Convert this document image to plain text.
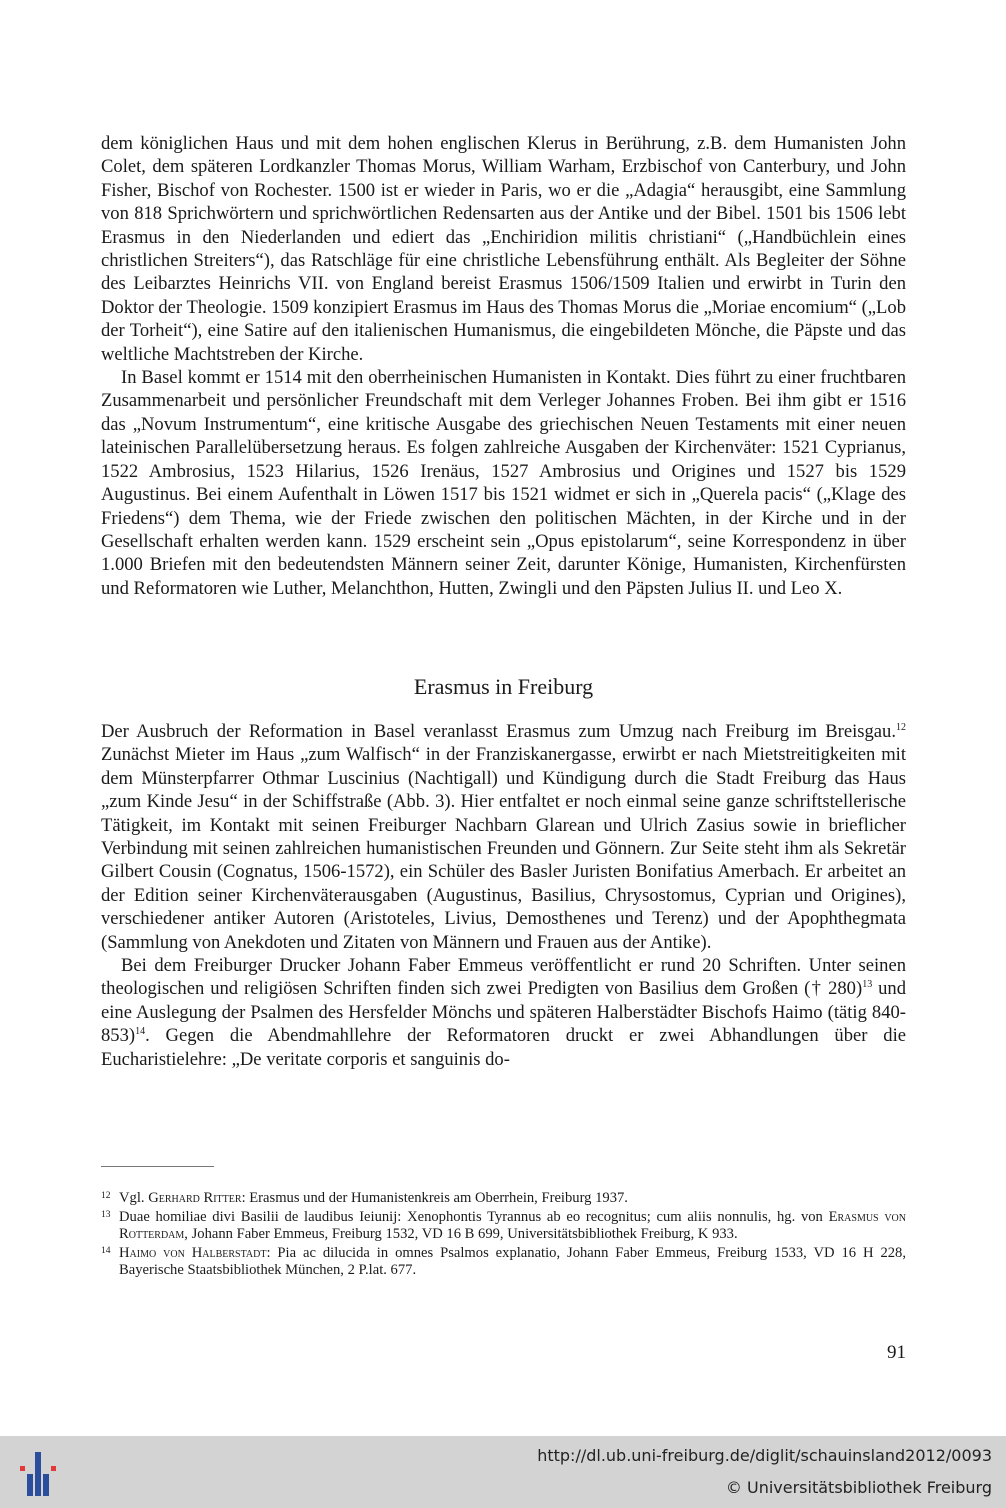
dem königlichen Haus und mit dem hohen englischen Klerus in Berührung, z.B. dem Humanisten John Colet, dem späteren Lordkanzler Thomas Morus, William Warham, Erzbischof von Canterbury, und John Fisher, Bischof von Rochester. 1500 ist er wieder in Paris, wo er die „Adagia“ herausgibt, eine Sammlung von 818 Sprichwörtern und sprichwörtlichen Redensarten aus der Antike und der Bibel. 1501 bis 1506 lebt Erasmus in den Niederlanden und ediert das „Enchiridion militis christiani“ („Handbüchlein eines christlichen Streiters“), das Ratschläge für eine christliche Lebensführung enthält. Als Begleiter der Söhne des Leibarztes Heinrichs VII. von England bereist Erasmus 1506/1509 Italien und erwirbt in Turin den Doktor der Theologie. 1509 konzipiert Erasmus im Haus des Thomas Morus die „Moriae encomium“ („Lob der Torheit“), eine Satire auf den italienischen Humanismus, die eingebildeten Mönche, die Päpste und das weltliche Machtstreben der Kirche.

In Basel kommt er 1514 mit den oberrheinischen Humanisten in Kontakt. Dies führt zu einer fruchtbaren Zusammenarbeit und persönlicher Freundschaft mit dem Verleger Johannes Froben. Bei ihm gibt er 1516 das „Novum Instrumentum“, eine kritische Ausgabe des griechischen Neuen Testaments mit einer neuen lateinischen Parallelübersetzung heraus. Es folgen zahlreiche Ausgaben der Kirchenväter: 1521 Cyprianus, 1522 Ambrosius, 1523 Hilarius, 1526 Irenäus, 1527 Ambrosius und Origines und 1527 bis 1529 Augustinus. Bei einem Aufenthalt in Löwen 1517 bis 1521 widmet er sich in „Querela pacis“ („Klage des Friedens“) dem Thema, wie der Friede zwischen den politischen Mächten, in der Kirche und in der Gesellschaft erhalten werden kann. 1529 erscheint sein „Opus epistolarum“, seine Korrespondenz in über 1.000 Briefen mit den bedeutendsten Männern seiner Zeit, darunter Könige, Humanisten, Kirchenfürsten und Reformatoren wie Luther, Melanchthon, Hutten, Zwingli und den Päpsten Julius II. und Leo X.

Erasmus in Freiburg

Der Ausbruch der Reformation in Basel veranlasst Erasmus zum Umzug nach Freiburg im Breisgau.$^{12}$ Zunächst Mieter im Haus „zum Walfisch“ in der Franziskanergasse, erwirbt er nach Mietstreitigkeiten mit dem Münsterpfarrer Othmar Luscinius (Nachtigall) und Kündigung durch die Stadt Freiburg das Haus „zum Kinde Jesu“ in der Schiffstraße (Abb. 3). Hier entfaltet er noch einmal seine ganze schriftstellerische Tätigkeit, im Kontakt mit seinen Freiburger Nachbarn Glarean und Ulrich Zasius sowie in brieflicher Verbindung mit seinen zahlreichen humanistischen Freunden und Gönnern. Zur Seite steht ihm als Sekretär Gilbert Cousin (Cognatus, 1506-1572), ein Schüler des Basler Juristen Bonifatius Amerbach. Er arbeitet an der Edition seiner Kirchenväterausgaben (Augustinus, Basilius, Chrysostomus, Cyprian und Origines), verschiedener antiker Autoren (Aristoteles, Livius, Demosthenes und Terenz) und der Apophthegmata (Sammlung von Anekdoten und Zitaten von Männern und Frauen aus der Antike).

Bei dem Freiburger Drucker Johann Faber Emmeus veröffentlicht er rund 20 Schriften. Unter seinen theologischen und religiösen Schriften finden sich zwei Predigten von Basilius dem Großen († 280)$^{13}$ und eine Auslegung der Psalmen des Hersfelder Mönchs und späteren Halberstädter Bischofs Haimo (tätig 840-853)$^{14}$. Gegen die Abendmahllehre der Reformatoren druckt er zwei Abhandlungen über die Eucharistielehre: „De veritate corporis et sanguinis do-

12 Vgl. Gerhard Ritter: Erasmus und der Humanistenkreis am Oberrhein, Freiburg 1937.

13 Duae homiliae divi Basilii de laudibus Ieiunij: Xenophontis Tyrannus ab eo recognitus; cum aliis nonnulis, hg. von Erasmus von Rotterdam, Johann Faber Emmeus, Freiburg 1532, VD 16 B 699, Universitätsbibliothek Freiburg, K 933.

14 Haimo von Halberstadt: Pia ac dilucida in omnes Psalmos explanatio, Johann Faber Emmeus, Freiburg 1533, VD 16 H 228, Bayerische Staatsbibliothek München, 2 P.lat. 677.

91
http://dl.ub.uni-freiburg.de/diglit/schauinsland2012/0093
© Universitätsbibliothek Freiburg
